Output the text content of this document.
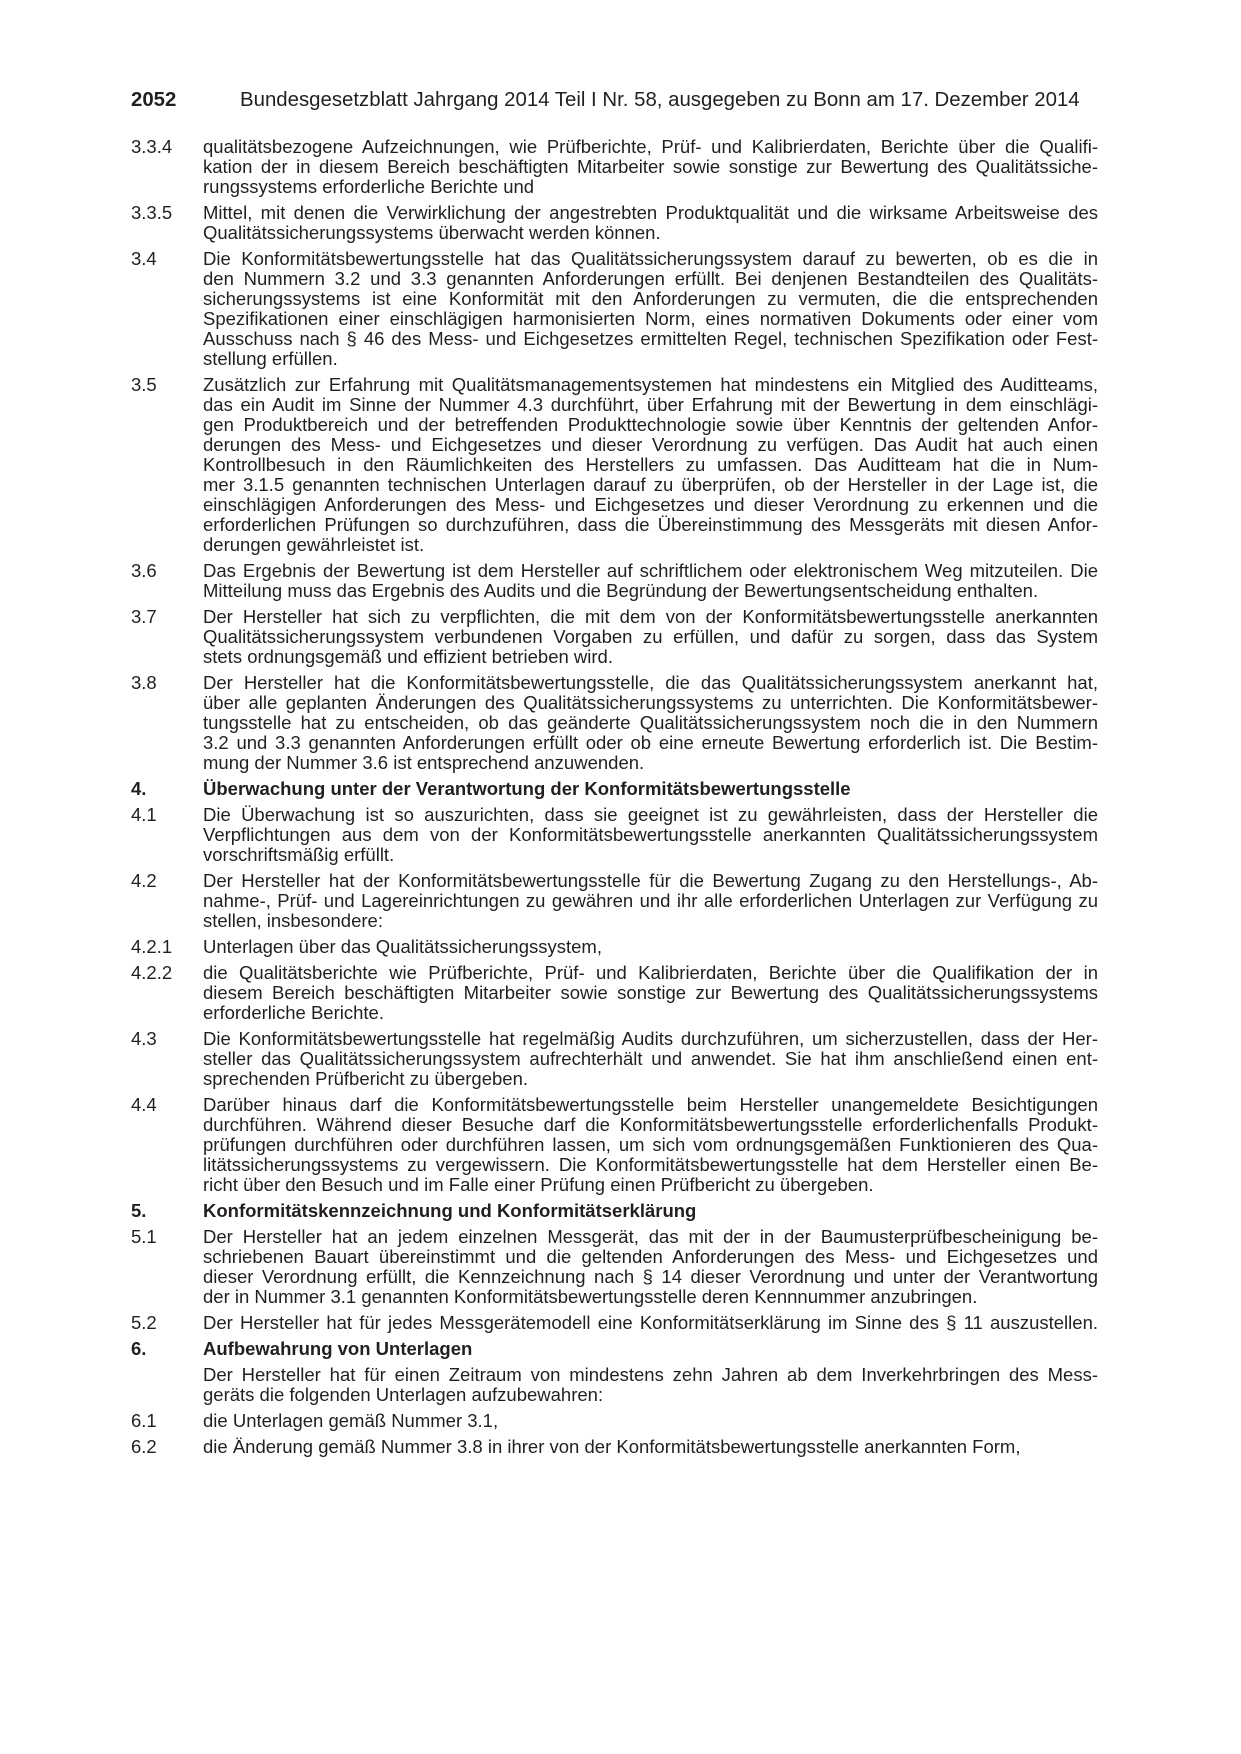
2052	Bundesgesetzblatt Jahrgang 2014 Teil I Nr. 58, ausgegeben zu Bonn am 17. Dezember 2014
3.3.4	qualitätsbezogene Aufzeichnungen, wie Prüfberichte, Prüf- und Kalibrierdaten, Berichte über die Qualifi-
kation der in diesem Bereich beschäftigten Mitarbeiter sowie sonstige zur Bewertung des Qualitätssiche-
rungssystems erforderliche Berichte und
3.3.5	Mittel, mit denen die Verwirklichung der angestrebten Produktqualität und die wirksame Arbeitsweise des
Qualitätssicherungssystems überwacht werden können.
3.4	Die Konformitätsbewertungsstelle hat das Qualitätssicherungssystem darauf zu bewerten, ob es die in
den Nummern 3.2 und 3.3 genannten Anforderungen erfüllt. Bei denjenen Bestandteilen des Qualitäts-
sicherungssystems ist eine Konformität mit den Anforderungen zu vermuten, die die entsprechenden
Spezifikationen einer einschlägigen harmonisierten Norm, eines normativen Dokuments oder einer vom
Ausschuss nach § 46 des Mess- und Eichgesetzes ermittelten Regel, technischen Spezifikation oder Fest-
stellung erfüllen.
3.5	Zusätzlich zur Erfahrung mit Qualitätsmanagementsystemen hat mindestens ein Mitglied des Auditteams,
das ein Audit im Sinne der Nummer 4.3 durchführt, über Erfahrung mit der Bewertung in dem einschlägi-
gen Produktbereich und der betreffenden Produkttechnologie sowie über Kenntnis der geltenden Anfor-
derungen des Mess- und Eichgesetzes und dieser Verordnung zu verfügen. Das Audit hat auch einen
Kontrollbesuch in den Räumlichkeiten des Herstellers zu umfassen. Das Auditteam hat die in Num-
mer 3.1.5 genannten technischen Unterlagen darauf zu überprüfen, ob der Hersteller in der Lage ist, die
einschlägigen Anforderungen des Mess- und Eichgesetzes und dieser Verordnung zu erkennen und die
erforderlichen Prüfungen so durchzuführen, dass die Übereinstimmung des Messgeräts mit diesen Anfor-
derungen gewährleistet ist.
3.6	Das Ergebnis der Bewertung ist dem Hersteller auf schriftlichem oder elektronischem Weg mitzuteilen. Die
Mitteilung muss das Ergebnis des Audits und die Begründung der Bewertungsentscheidung enthalten.
3.7	Der Hersteller hat sich zu verpflichten, die mit dem von der Konformitätsbewertungsstelle anerkannten
Qualitätssicherungssystem verbundenen Vorgaben zu erfüllen, und dafür zu sorgen, dass das System
stets ordnungsgemäß und effizient betrieben wird.
3.8	Der Hersteller hat die Konformitätsbewertungsstelle, die das Qualitätssicherungssystem anerkannt hat,
über alle geplanten Änderungen des Qualitätssicherungssystems zu unterrichten. Die Konformitätsbewer-
tungsstelle hat zu entscheiden, ob das geänderte Qualitätssicherungssystem noch die in den Nummern
3.2 und 3.3 genannten Anforderungen erfüllt oder ob eine erneute Bewertung erforderlich ist. Die Bestim-
mung der Nummer 3.6 ist entsprechend anzuwenden.
4.	Überwachung unter der Verantwortung der Konformitätsbewertungsstelle
4.1	Die Überwachung ist so auszurichten, dass sie geeignet ist zu gewährleisten, dass der Hersteller die
Verpflichtungen aus dem von der Konformitätsbewertungsstelle anerkannten Qualitätssicherungssystem
vorschriftsmäßig erfüllt.
4.2	Der Hersteller hat der Konformitätsbewertungsstelle für die Bewertung Zugang zu den Herstellungs-, Ab-
nahme-, Prüf- und Lagereinrichtungen zu gewähren und ihr alle erforderlichen Unterlagen zur Verfügung zu
stellen, insbesondere:
4.2.1	Unterlagen über das Qualitätssicherungssystem,
4.2.2	die Qualitätsberichte wie Prüfberichte, Prüf- und Kalibrierdaten, Berichte über die Qualifikation der in
diesem Bereich beschäftigten Mitarbeiter sowie sonstige zur Bewertung des Qualitätssicherungssystems
erforderliche Berichte.
4.3	Die Konformitätsbewertungsstelle hat regelmäßig Audits durchzuführen, um sicherzustellen, dass der Her-
steller das Qualitätssicherungssystem aufrechterhält und anwendet. Sie hat ihm anschließend einen ent-
sprechenden Prüfbericht zu übergeben.
4.4	Darüber hinaus darf die Konformitätsbewertungsstelle beim Hersteller unangemeldete Besichtigungen
durchführen. Während dieser Besuche darf die Konformitätsbewertungsstelle erforderlichenfalls Produkt-
prüfungen durchführen oder durchführen lassen, um sich vom ordnungsgemäßen Funktionieren des Qua-
litätssicherungssystems zu vergewissern. Die Konformitätsbewertungsstelle hat dem Hersteller einen Be-
richt über den Besuch und im Falle einer Prüfung einen Prüfbericht zu übergeben.
5.	Konformitätskennzeichnung und Konformitätserklärung
5.1	Der Hersteller hat an jedem einzelnen Messgerät, das mit der in der Baumusterprüfbescheinigung be-
schriebenen Bauart übereinstimmt und die geltenden Anforderungen des Mess- und Eichgesetzes und
dieser Verordnung erfüllt, die Kennzeichnung nach § 14 dieser Verordnung und unter der Verantwortung
der in Nummer 3.1 genannten Konformitätsbewertungsstelle deren Kennnummer anzubringen.
5.2	Der Hersteller hat für jedes Messgerätemodell eine Konformitätserklärung im Sinne des § 11 auszustellen.
6.	Aufbewahrung von Unterlagen
Der Hersteller hat für einen Zeitraum von mindestens zehn Jahren ab dem Inverkehrbringen des Mess-
geräts die folgenden Unterlagen aufzubewahren:
6.1	die Unterlagen gemäß Nummer 3.1,
6.2	die Änderung gemäß Nummer 3.8 in ihrer von der Konformitätsbewertungsstelle anerkannten Form,
